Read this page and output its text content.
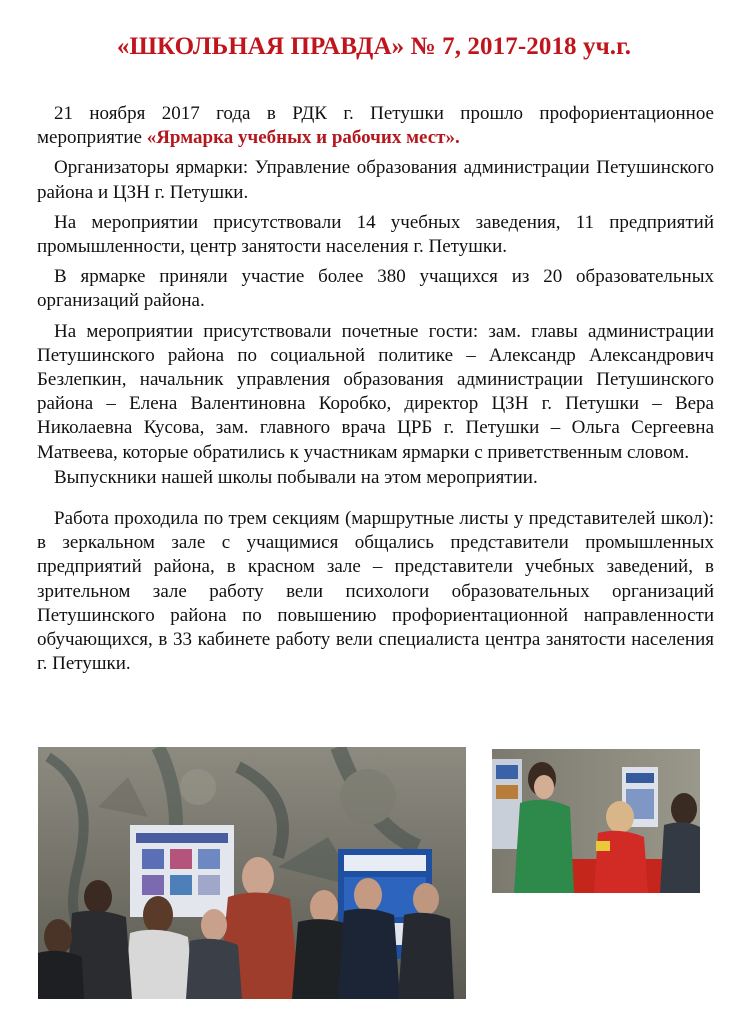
«ШКОЛЬНАЯ ПРАВДА» № 7, 2017-2018 уч.г.

21 ноября 2017 года в РДК г. Петушки прошло профориентационное мероприятие «Ярмарка учебных и рабочих мест».

Организаторы ярмарки: Управление образования администрации Петушинского района и ЦЗН г. Петушки.

На мероприятии присутствовали 14 учебных заведения, 11 предприятий промышленности, центр занятости населения г. Петушки.

В ярмарке приняли участие более 380 учащихся из 20 образовательных организаций района.

На мероприятии присутствовали почетные гости: зам. главы администрации Петушинского района по социальной политике – Александр Александрович Безлепкин, начальник управления образования администрации Петушинского района – Елена Валентиновна Коробко, директор ЦЗН г. Петушки – Вера Николаевна Кусова, зам. главного врача ЦРБ г. Петушки – Ольга Сергеевна Матвеева, которые обратились к участникам ярмарки с приветственным словом.

Выпускники нашей школы побывали на этом мероприятии.

Работа проходила по трем секциям (маршрутные листы у представителей школ): в зеркальном зале с учащимися общались представители промышленных предприятий района, в красном зале – представители учебных заведений, в зрительном зале работу вели психологи образовательных организаций Петушинского района по повышению профориентационной направленности обучающихся, в 33 кабинете работу вели специалиста центра занятости населения г. Петушки.
